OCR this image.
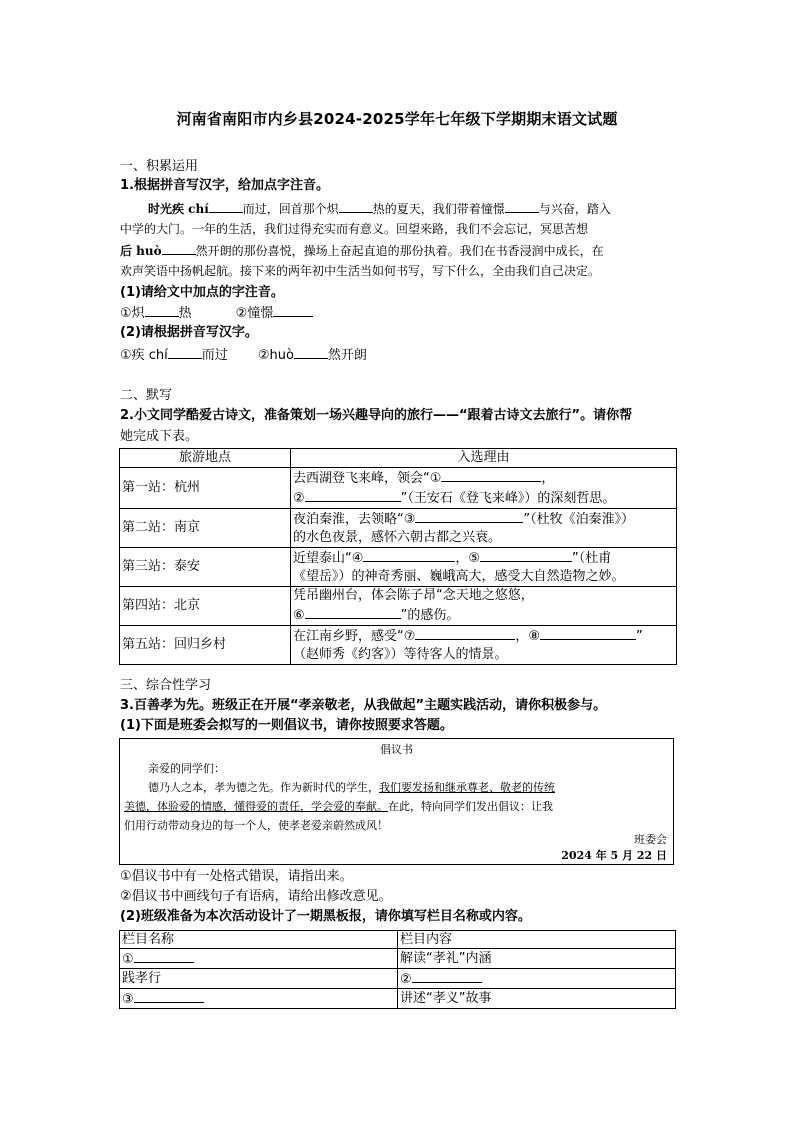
河南省南阳市内乡县2024-2025学年七年级下学期期末语文试题
一、积累运用
1.根据拼音写汉字，给加点字注音。
时光疾 chí	而过，回首那个炽	热的夏天，我们带着憧憬	与兴奋，踏入
中学的大门。一年的生活，我们过得充实而有意义。回望来路，我们不会忘记，冥思苦想
后 huò	然开朗的那份喜悦，操场上奋起直追的那份执着。我们在书香浸润中成长，在
欢声笑语中扬帆起航。接下来的两年初中生活当如何书写，写下什么，全由我们自己决定。
(1)请给文中加点的字注音。
①炽	热	②憧憬
(2)请根据拼音写汉字。
①疾 chí	而过 ②huò	然开朗
二、默写
2.小文同学酷爱古诗文，准备策划一场兴趣导向的旅行——“跟着古诗文去旅行”。请你帮
她完成下表。
旅游地点	入选理由
第一站：杭州	去西湖登飞来峰，领会“① ，
② ”（王安石《登飞来峰》）的深刻哲思。

第二站：南京	夜泊秦淮，去领略“③ ”（杜牧《泊秦淮》）
的水色夜景，感怀六朝古都之兴衰。

第三站：泰安	近望泰山“④ ，⑤ ”（杜甫
《望岳》）的神奇秀丽、巍峨高大，感受大自然造物之妙。

第四站：北京	凭吊幽州台，体会陈子昂“念天地之悠悠，
⑥ ”的感伤。

第五站：回归乡村	在江南乡野，感受“⑦ ，⑧ ”
（赵师秀《约客》）等待客人的情景。
三、综合性学习
3.百善孝为先。班级正在开展“孝亲敬老，从我做起”主题实践活动，请你积极参与。
(1)下面是班委会拟写的一则倡议书，请你按照要求答题。
倡议书
亲爱的同学们：
德乃人之本，孝为德之先。作为新时代的学生，我们要发扬和继承尊老、敬老的传统
美德，体验爱的情感，懂得爱的责任，学会爱的奉献。在此，特向同学们发出倡议：让我
们用行动带动身边的每一个人，使孝老爱亲蔚然成风！
班委会
2024 年 5 月 22 日
①倡议书中有一处格式错误，请指出来。
②倡议书中画线句子有语病，请给出修改意见。
(2)班级准备为本次活动设计了一期黑板报，请你填写栏目名称或内容。
栏目名称	栏目内容
①	解读“孝礼”内涵
践孝行	②
③	讲述“孝义”故事
